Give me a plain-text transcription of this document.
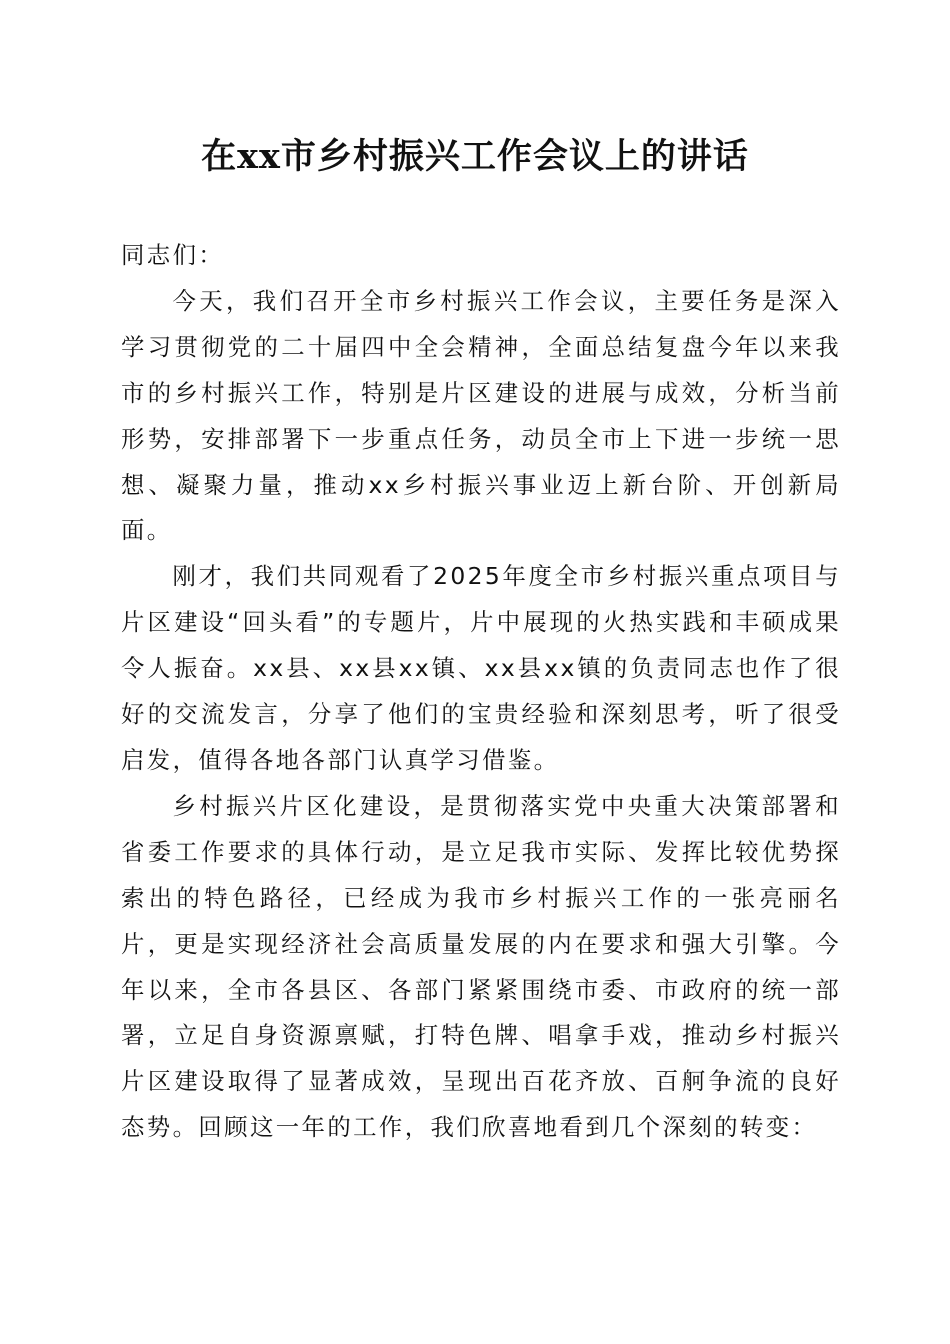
在xx市乡村振兴工作会议上的讲话

同志们：

今天，我们召开全市乡村振兴工作会议，主要任务是深入学习贯彻党的二十届四中全会精神，全面总结复盘今年以来我市的乡村振兴工作，特别是片区建设的进展与成效，分析当前形势，安排部署下一步重点任务，动员全市上下进一步统一思想、凝聚力量，推动xx乡村振兴事业迈上新台阶、开创新局面。

刚才，我们共同观看了2025年度全市乡村振兴重点项目与片区建设“回头看”的专题片，片中展现的火热实践和丰硕成果令人振奋。xx县、xx县xx镇、xx县xx镇的负责同志也作了很好的交流发言，分享了他们的宝贵经验和深刻思考，听了很受启发，值得各地各部门认真学习借鉴。

乡村振兴片区化建设，是贯彻落实党中央重大决策部署和省委工作要求的具体行动，是立足我市实际、发挥比较优势探索出的特色路径，已经成为我市乡村振兴工作的一张亮丽名片，更是实现经济社会高质量发展的内在要求和强大引擎。今年以来，全市各县区、各部门紧紧围绕市委、市政府的统一部署，立足自身资源禀赋，打特色牌、唱拿手戏，推动乡村振兴片区建设取得了显著成效，呈现出百花齐放、百舸争流的良好态势。回顾这一年的工作，我们欣喜地看到几个深刻的转变：
